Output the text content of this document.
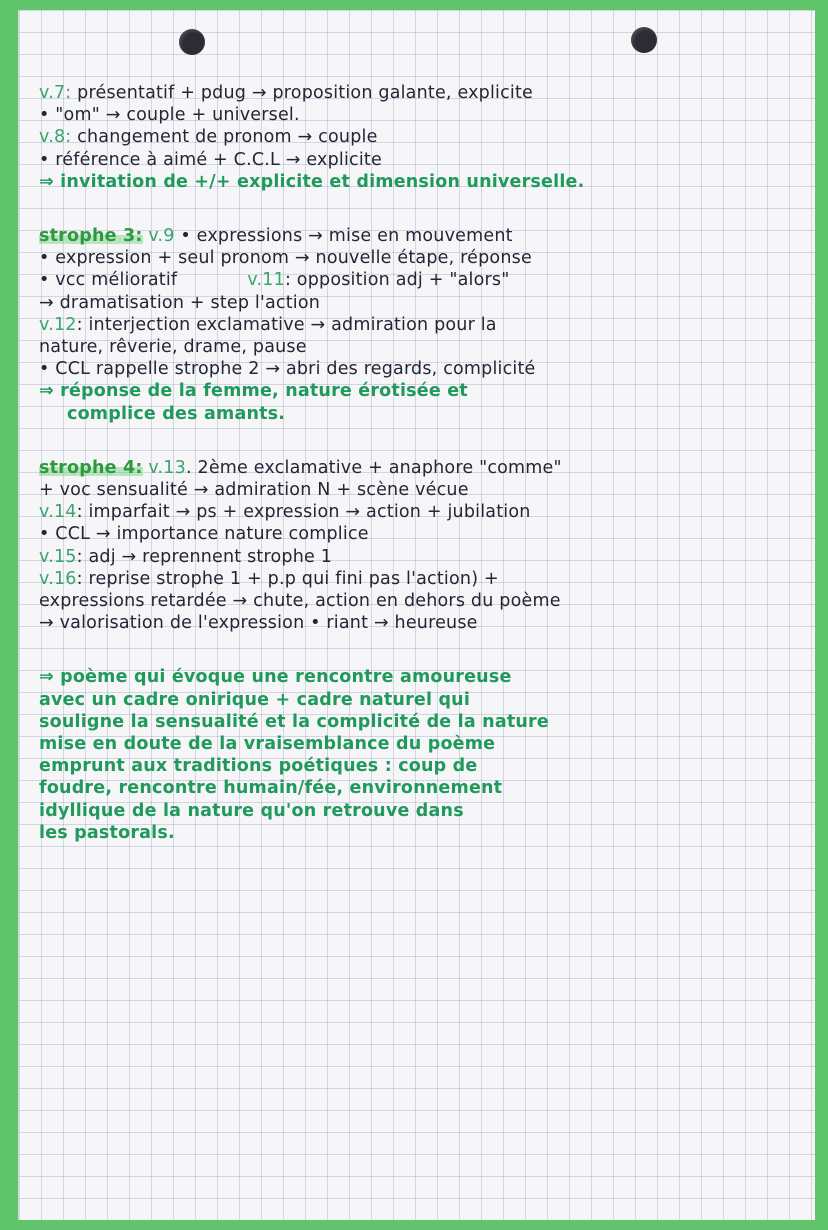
v.7: présentatif + pdug → proposition galante, explicite
• "om" → couple + universel.
v.8: changement de pronom → couple
• référence à aimé + C.C.L → explicite
⇒ invitation de +/+ explicite et dimension universelle.
strophe 3: v.9 • expressions → mise en mouvement
• expression + seul pronom → nouvelle étape, réponse
• vcc mélioratif	v.11: opposition adj + "alors"
→ dramatisation + step l'action
v.12: interjection exclamative → admiration pour la
nature, rêverie, drame, pause
• CCL rappelle strophe 2 → abri des regards, complicité
⇒ réponse de la femme, nature érotisée et
complice des amants.
strophe 4: v.13. 2ème exclamative + anaphore "comme"
+ voc sensualité → admiration N + scène vécue
v.14: imparfait → ps + expression → action + jubilation
• CCL → importance nature complice
v.15: adj → reprennent strophe 1
v.16: reprise strophe 1 + p.p qui fini pas l'action) +
expressions retardée → chute, action en dehors du poème
→ valorisation de l'expression • riant → heureuse
⇒ poème qui évoque une rencontre amoureuse
avec un cadre onirique + cadre naturel qui
souligne la sensualité et la complicité de la nature
mise en doute de la vraisemblance du poème
emprunt aux traditions poétiques : coup de
foudre, rencontre humain/fée, environnement
idyllique de la nature qu'on retrouve dans
les pastorals.
